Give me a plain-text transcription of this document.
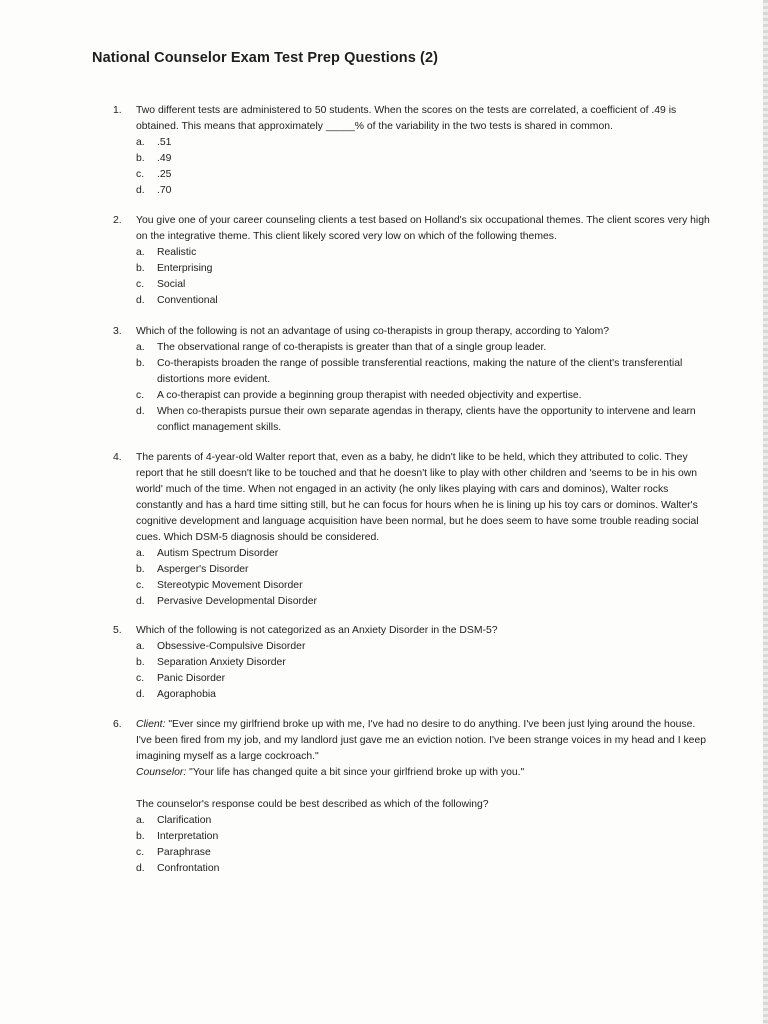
National Counselor Exam Test Prep Questions (2)
1.	Two different tests are administered to 50 students. When the scores on the tests are correlated, a coefficient of .49 is obtained. This means that approximately _____% of the variability in the two tests is shared in common.

a.	.51
b.	.49
c.	.25
d.	.70
2.	You give one of your career counseling clients a test based on Holland's six occupational themes. The client scores very high on the integrative theme. This client likely scored very low on which of the following themes.

a.	Realistic
b.	Enterprising
c.	Social
d.	Conventional
3.	Which of the following is not an advantage of using co-therapists in group therapy, according to Yalom?

a.	The observational range of co-therapists is greater than that of a single group leader.
b.	Co-therapists broaden the range of possible transferential reactions, making the nature of the client's transferential distortions more evident.
c.	A co-therapist can provide a beginning group therapist with needed objectivity and expertise.
d.	When co-therapists pursue their own separate agendas in therapy, clients have the opportunity to intervene and learn conflict management skills.
4.	The parents of 4-year-old Walter report that, even as a baby, he didn't like to be held, which they attributed to colic. They report that he still doesn't like to be touched and that he doesn't like to play with other children and 'seems to be in his own world' much of the time. When not engaged in an activity (he only likes playing with cars and dominos), Walter rocks constantly and has a hard time sitting still, but he can focus for hours when he is lining up his toy cars or dominos. Walter's cognitive development and language acquisition have been normal, but he does seem to have some trouble reading social cues. Which DSM-5 diagnosis should be considered.

a.	Autism Spectrum Disorder
b.	Asperger's Disorder
c.	Stereotypic Movement Disorder
d.	Pervasive Developmental Disorder
5.	Which of the following is not categorized as an Anxiety Disorder in the DSM-5?

a.	Obsessive-Compulsive Disorder
b.	Separation Anxiety Disorder
c.	Panic Disorder
d.	Agoraphobia
6.	Client: "Ever since my girlfriend broke up with me, I've had no desire to do anything. I've been just lying around the house. I've been fired from my job, and my landlord just gave me an eviction notion. I've been strange voices in my head and I keep imagining myself as a large cockroach."

Counselor: "Your life has changed quite a bit since your girlfriend broke up with you."

The counselor's response could be best described as which of the following?

a.	Clarification
b.	Interpretation
c.	Paraphrase
d.	Confrontation
